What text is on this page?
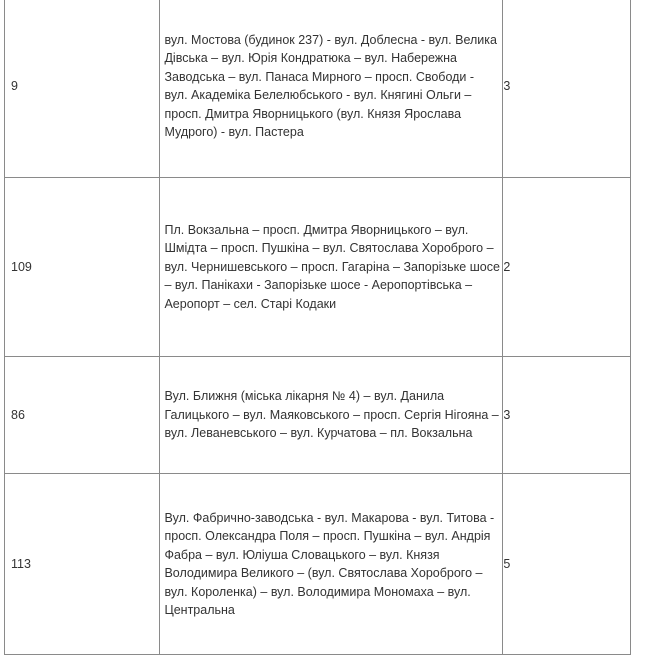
9	вул. Мостова (будинок 237) - вул. Доблесна - вул. Велика Дівська – вул. Юрія Кондратюка – вул. Набережна Заводська – вул. Панаса Мирного – просп. Свободи - вул. Академіка Белелюбського - вул. Княгині Ольги – просп. Дмитра Яворницького (вул. Князя Ярослава Мудрого) - вул. Пастера	3
109	Пл. Вокзальна – просп. Дмитра Яворницького – вул. Шмідта – просп. Пушкіна – вул. Святослава Хороброго – вул. Чернишевського – просп. Гагаріна – Запорізьке шосе – вул. Панікахи - Запорізьке шосе - Аеропортівська – Аеропорт – сел. Старі Кодаки	2
86	Вул. Ближня (міська лікарня № 4) – вул. Данила Галицького – вул. Маяковського – просп. Сергія Нігояна – вул. Леваневського – вул. Курчатова – пл. Вокзальна	3
113	Вул. Фабрично-заводська - вул. Макарова - вул. Титова - просп. Олександра Поля – просп. Пушкіна – вул. Андрія Фабра – вул. Юліуша Словацького – вул. Князя Володимира Великого – (вул. Святослава Хороброго – вул. Короленка) – вул. Володимира Мономаха – вул. Центральна	5
